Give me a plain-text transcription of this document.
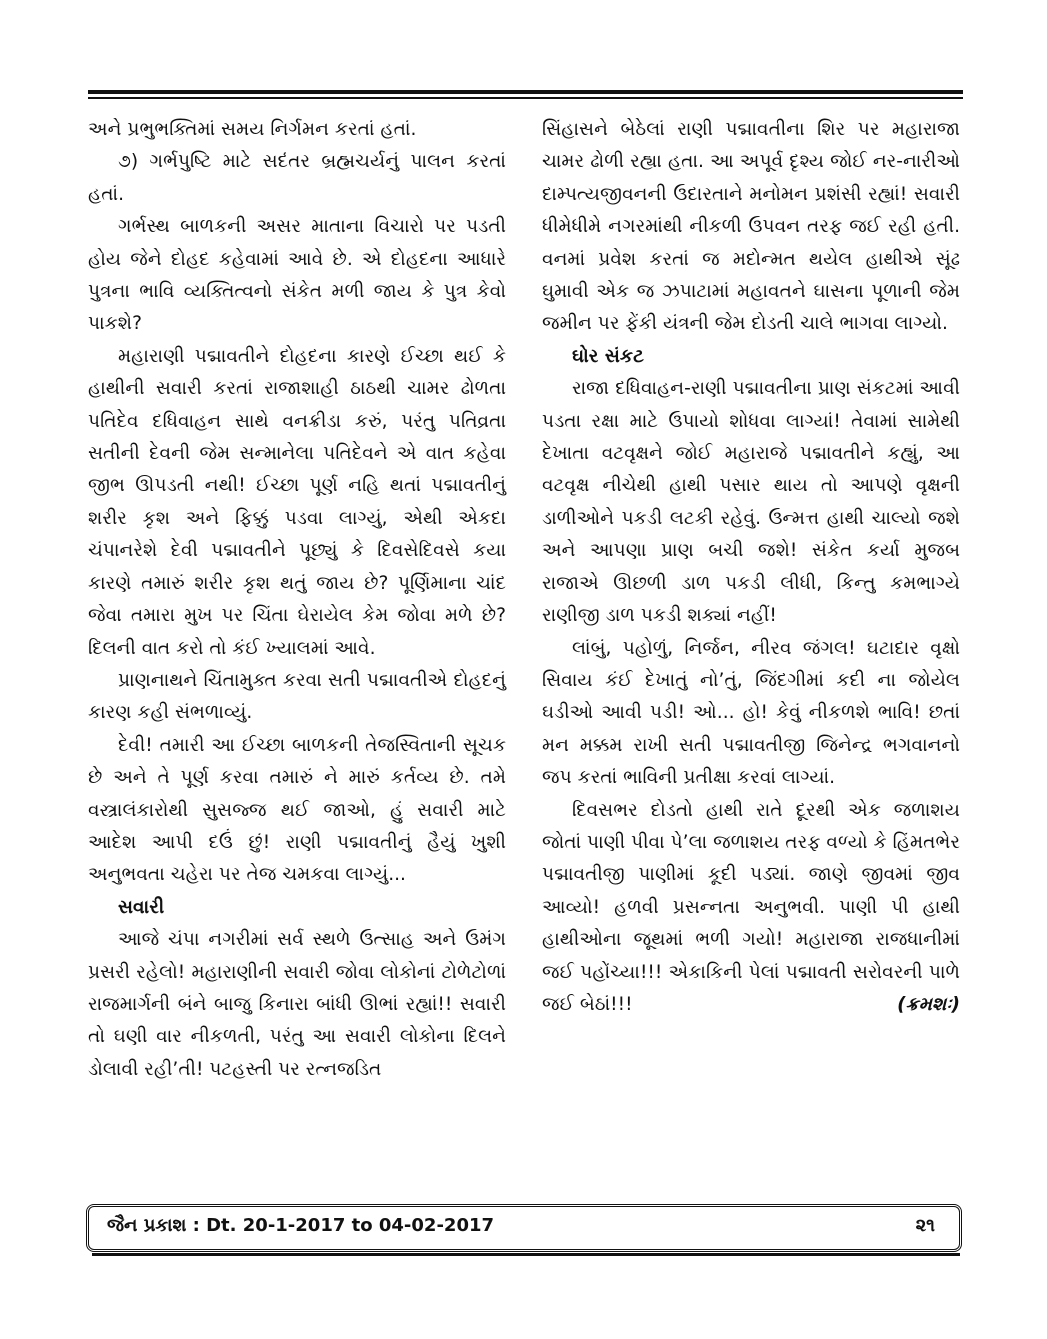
અને પ્રભુભક્તિમાં સમય નિર્ગમન કરતાં હતાં.

૭) ગર્ભપુષ્ટિ માટે સદંતર બ્રહ્મચર્યનું પાલન કરતાં હતાં.

ગર્ભસ્થ બાળકની અસર માતાના વિચારો પર પડતી હોય જેને દોહદ કહેવામાં આવે છે. એ દોહદના આધારે પુત્રના ભાવિ વ્યક્તિત્વનો સંકેત મળી જાય કે પુત્ર કેવો પાકશે?

મહારાણી પદ્માવતીને દોહદના કારણે ઈચ્છા થઈ કે હાથીની સવારી કરતાં રાજાશાહી ઠાઠથી ચામર ઢોળતા પતિદેવ દધિવાહન સાથે વનક્રીડા કરું, પરંતુ પતિવ્રતા સતીની દેવની જેમ સન્માનેલા પતિદેવને એ વાત કહેવા જીભ ઊપડતી નથી! ઈચ્છા પૂર્ણ નહિ થતાં પદ્માવતીનું શરીર કૃશ અને ફિક્કું પડવા લાગ્યું, એથી એકદા ચંપાનરેશે દેવી પદ્માવતીને પૂછ્યું કે દિવસેદિવસે કયા કારણે તમારું શરીર કૃશ થતું જાય છે? પૂર્ણિમાના ચાંદ જેવા તમારા મુખ પર ચિંતા ઘેરાયેલ કેમ જોવા મળે છે? દિલની વાત કરો તો કંઈ ખ્યાલમાં આવે.

પ્રાણનાથને ચિંતામુક્ત કરવા સતી પદ્માવતીએ દોહદનું કારણ કહી સંભળાવ્યું.

દેવી! તમારી આ ઈચ્છા બાળકની તેજસ્વિતાની સૂચક છે અને તે પૂર્ણ કરવા તમારું ને મારું કર્તવ્ય છે. તમે વસ્ત્રાલંકારોથી સુસજ્જ થઈ જાઓ, હું સવારી માટે આદેશ આપી દઉં છું! રાણી પદ્માવતીનું હૈયું ખુશી અનુભવતા ચહેરા પર તેજ ચમકવા લાગ્યું...

સવારી

આજે ચંપા નગરીમાં સર્વ સ્થળે ઉત્સાહ અને ઉમંગ પ્રસરી રહેલો! મહારાણીની સવારી જોવા લોકોનાં ટોળેટોળાં રાજમાર્ગની બંને બાજુ કિનારા બાંધી ઊભાં રહ્યાં!! સવારી તો ઘણી વાર નીકળતી, પરંતુ આ સવારી લોકોના દિલને ડોલાવી રહી’તી! પટહસ્તી પર રત્નજડિત

સિંહાસને બેઠેલાં રાણી પદ્માવતીના શિર પર મહારાજા ચામર ઢોળી રહ્યા હતા. આ અપૂર્વ દૃશ્ય જોઈ નર-નારીઓ દામ્પત્યજીવનની ઉદારતાને મનોમન પ્રશંસી રહ્યાં! સવારી ધીમેધીમે નગરમાંથી નીકળી ઉપવન તરફ જઈ રહી હતી. વનમાં પ્રવેશ કરતાં જ મદોન્મત થયેલ હાથીએ સૂંઢ ઘુમાવી એક જ ઝપાટામાં મહાવતને ઘાસના પૂળાની જેમ જમીન પર ફેંકી યંત્રની જેમ દોડતી ચાલે ભાગવા લાગ્યો.

ઘોર સંકટ

રાજા દધિવાહન-રાણી પદ્માવતીના પ્રાણ સંકટમાં આવી પડતા રક્ષા માટે ઉપાયો શોધવા લાગ્યાં! તેવામાં સામેથી દેખાતા વટવૃક્ષને જોઈ મહારાજે પદ્માવતીને કહ્યું, આ વટવૃક્ષ નીચેથી હાથી પસાર થાય તો આપણે વૃક્ષની ડાળીઓને પકડી લટકી રહેવું. ઉન્મત્ત હાથી ચાલ્યો જશે અને આપણા પ્રાણ બચી જશે! સંકેત કર્યા મુજબ રાજાએ ઊછળી ડાળ પકડી લીધી, કિન્તુ કમભાગ્યે રાણીજી ડાળ પકડી શક્યાં નહીં!

લાંબું, પહોળું, નિર્જન, નીરવ જંગલ! ઘટાદાર વૃક્ષો સિવાય કંઈ દેખાતું નો’તું, જિંદગીમાં કદી ના જોયેલ ઘડીઓ આવી પડી! ઓ... હો! કેવું નીકળશે ભાવિ! છતાં મન મક્કમ રાખી સતી પદ્માવતીજી જિનેન્દ્ર ભગવાનનો જપ કરતાં ભાવિની પ્રતીક્ષા કરવાં લાગ્યાં.

દિવસભર દોડતો હાથી રાતે દૂરથી એક જળાશય જોતાં પાણી પીવા પે’લા જળાશય તરફ વળ્યો કે હિંમતભેર પદ્માવતીજી પાણીમાં કૂદી પડ્યાં. જાણે જીવમાં જીવ આવ્યો! હળવી પ્રસન્નતા અનુભવી. પાણી પી હાથી હાથીઓના જૂથમાં ભળી ગયો! મહારાજા રાજધાનીમાં જઈ પહોંચ્યા!!! એકાકિની પેલાં પદ્માવતી સરોવરની પાળે જઈ બેઠાં!!!	(ક્રમશઃ)

જૈન પ્રકાશ : Dt. 20-1-2017 to 04-02-2017	૨૧
